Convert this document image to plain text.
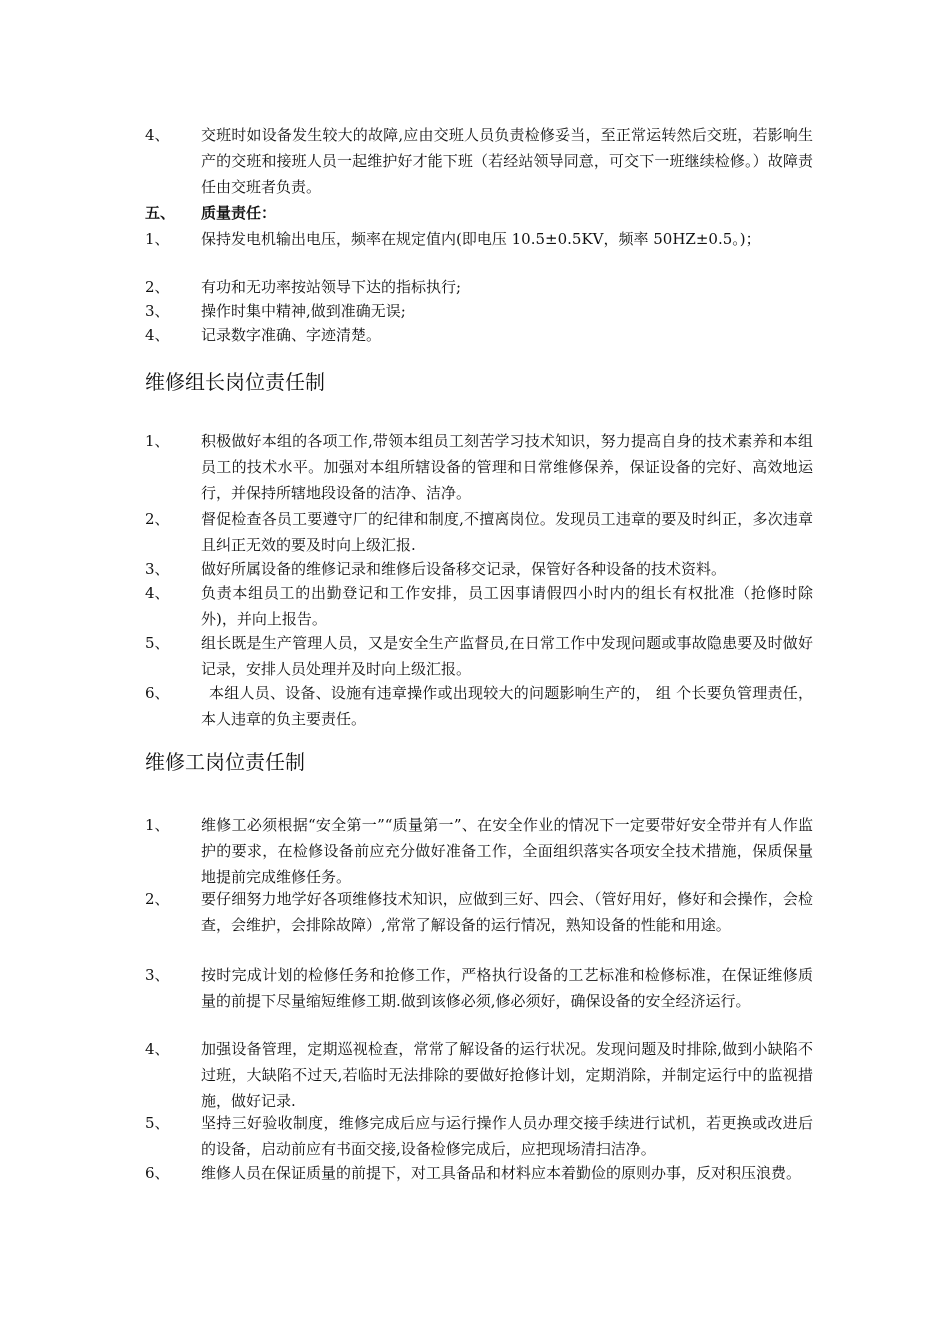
4、 交班时如设备发生较大的故障,应由交班人员负责检修妥当，至正常运转然后交班，若影响生产的交班和接班人员一起维护好才能下班（若经站领导同意，可交下一班继续检修。）故障责任由交班者负责。
五、 质量责任：
1、 保持发电机输出电压，频率在规定值内(即电压 10.5±0.5KV，频率 50HZ±0.5。)；
2、 有功和无功率按站领导下达的指标执行;
3、 操作时集中精神,做到准确无误;
4、 记录数字准确、字迹清楚。
维修组长岗位责任制
1、 积极做好本组的各项工作,带领本组员工刻苦学习技术知识，努力提高自身的技术素养和本组员工的技术水平。加强对本组所辖设备的管理和日常维修保养，保证设备的完好、高效地运行，并保持所辖地段设备的洁净、洁净。
2、 督促检查各员工要遵守厂的纪律和制度,不擅离岗位。发现员工违章的要及时纠正，多次违章且纠正无效的要及时向上级汇报.
3、 做好所属设备的维修记录和维修后设备移交记录，保管好各种设备的技术资料。
4、 负责本组员工的出勤登记和工作安排，员工因事请假四小时内的组长有权批准（抢修时除外)，并向上报告。
5、 组长既是生产管理人员，又是安全生产监督员,在日常工作中发现问题或事故隐患要及时做好记录，安排人员处理并及时向上级汇报。
6、	本组人员、设备、设施有违章操作或出现较大的问题影响生产的， 组 个长要负管理责任，本人违章的负主要责任。
维修工岗位责任制
1、 维修工必须根据“安全第一”“质量第一”、在安全作业的情况下一定要带好安全带并有人作监护的要求，在检修设备前应充分做好准备工作，全面组织落实各项安全技术措施，保质保量地提前完成维修任务。
2、 要仔细努力地学好各项维修技术知识，应做到三好、四会、（管好用好，修好和会操作，会检查，会维护，会排除故障）,常常了解设备的运行情况，熟知设备的性能和用途。
3、 按时完成计划的检修任务和抢修工作，严格执行设备的工艺标准和检修标准，在保证维修质量的前提下尽量缩短维修工期.做到该修必须,修必须好，确保设备的安全经济运行。
4、 加强设备管理，定期巡视检查，常常了解设备的运行状况。发现问题及时排除,做到小缺陷不过班，大缺陷不过天,若临时无法排除的要做好抢修计划，定期消除，并制定运行中的监视措施，做好记录.
5、 坚持三好验收制度，维修完成后应与运行操作人员办理交接手续进行试机，若更换或改进后的设备，启动前应有书面交接,设备检修完成后，应把现场清扫洁净。
6、 维修人员在保证质量的前提下，对工具备品和材料应本着勤俭的原则办事，反对积压浪费。
